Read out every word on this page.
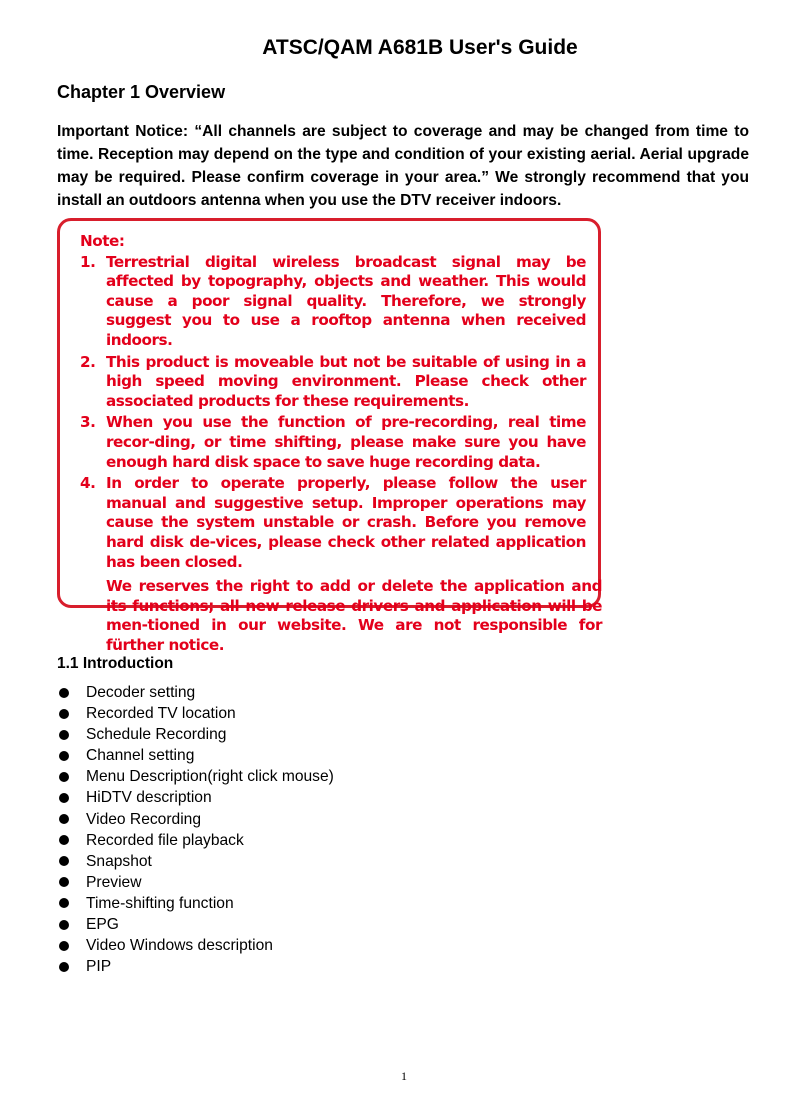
ATSC/QAM A681B User's Guide
Chapter 1 Overview
Important Notice: “All channels are subject to coverage and may be changed from time to time. Reception may depend on the type and condition of your existing aerial. Aerial upgrade may be required. Please confirm coverage in your area.” We strongly recommend that you install an outdoors antenna when you use the DTV receiver indoors.
Note:
1. Terrestrial digital wireless broadcast signal may be affected by topography, objects and weather. This would cause a poor signal quality. Therefore, we strongly suggest you to use a rooftop antenna when received indoors.
2. This product is moveable but not be suitable of using in a high speed moving environment. Please check other associated products for these requirements.
3. When you use the function of pre-recording, real time recor-ding, or time shifting, please make sure you have enough hard disk space to save huge recording data.
4. In order to operate properly, please follow the user manual and suggestive setup. Improper operations may cause the system unstable or crash. Before you remove hard disk de-vices, please check other related application has been closed.
We reserves the right to add or delete the application and its functions; all new release drivers and application will be men-tioned in our website. We are not responsible for fürther notice.
1.1 Introduction
Decoder setting
Recorded TV location
Schedule Recording
Channel setting
Menu Description(right click mouse)
HiDTV description
Video Recording
Recorded file playback
Snapshot
Preview
Time-shifting function
EPG
Video Windows description
PIP
1
